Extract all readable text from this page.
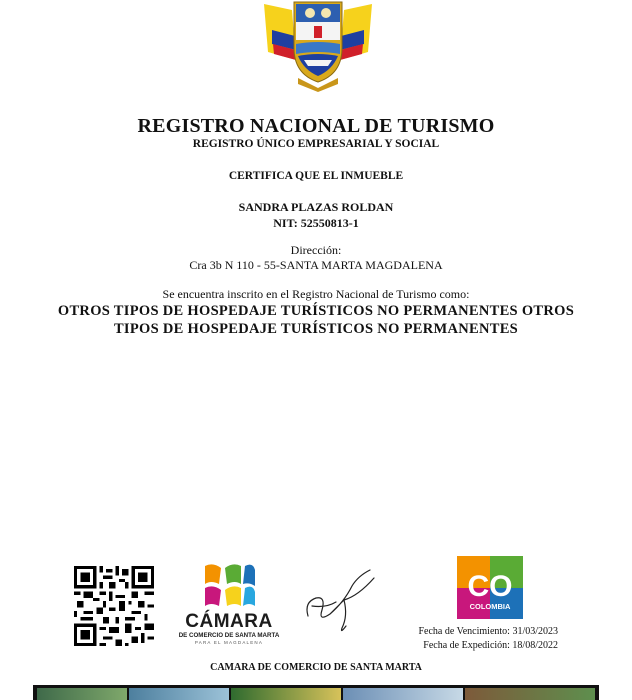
REGISTRO NACIONAL DE TURISMO
REGISTRO ÚNICO EMPRESARIAL Y SOCIAL
CERTIFICA QUE EL INMUEBLE
SANDRA PLAZAS ROLDAN
NIT: 52550813-1
Dirección:
Cra 3b N 110 - 55-SANTA MARTA MAGDALENA
Se encuentra inscrito en el Registro Nacional de Turismo como:
OTROS TIPOS DE HOSPEDAJE TURÍSTICOS NO PERMANENTES OTROS TIPOS DE HOSPEDAJE TURÍSTICOS NO PERMANENTES
CÁMARA
DE COMERCIO DE SANTA MARTA
PARA EL MAGDALENA
CO
COLOMBIA
Fecha de Vencimiento: 31/03/2023
Fecha de Expedición: 18/08/2022
CAMARA DE COMERCIO DE SANTA MARTA
